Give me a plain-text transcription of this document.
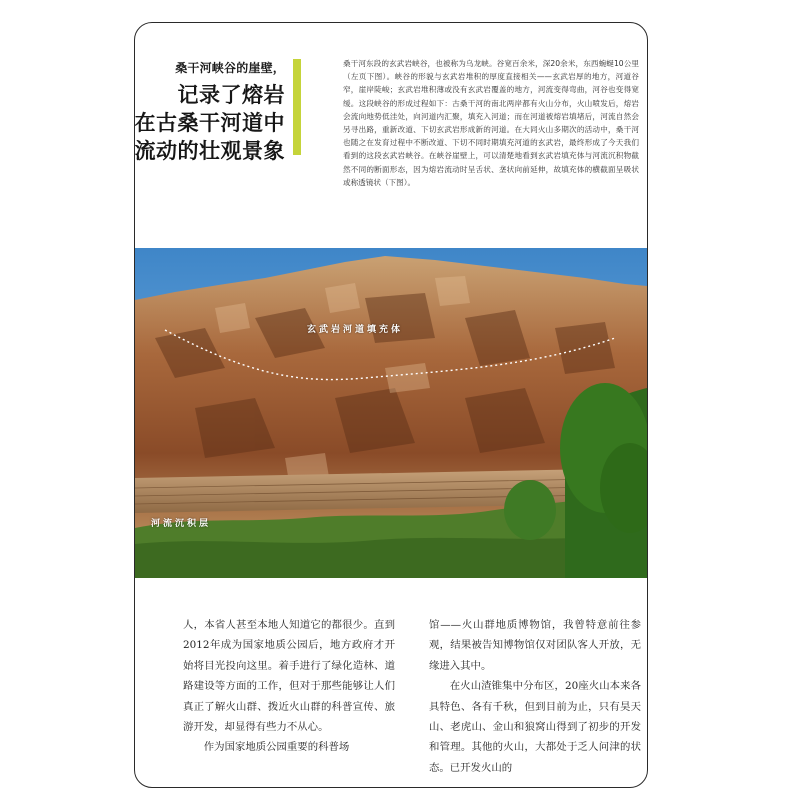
桑干河峡谷的崖壁，
记录了熔岩
在古桑干河道中
流动的壮观景象
桑干河东段的玄武岩峡谷，也被称为乌龙峡。谷宽百余米，深20余米，东西蜿蜒10公里（左页下图）。峡谷的形貌与玄武岩堆积的厚度直接相关——玄武岩厚的地方，河道谷窄，崖岸陡峻；玄武岩堆积薄或没有玄武岩覆盖的地方，河流变得弯曲，河谷也变得宽缓。这段峡谷的形成过程如下：古桑干河的南北两岸都有火山分布，火山喷发后，熔岩会流向地势低洼处，向河道内汇聚，填充入河道；而在河道被熔岩填堵后，河流自然会另寻出路，重新改道、下切玄武岩形成新的河道。在大同火山多期次的活动中，桑干河也随之在发育过程中不断改道、下切不同时期填充河道的玄武岩，最终形成了今天我们看到的这段玄武岩峡谷。在峡谷崖壁上，可以清楚地看到玄武岩填充体与河流沉积物截然不同的断面形态，因为熔岩流动时呈舌状、垄状向前延伸，故填充体的横截面呈吸状或称透镜状（下图）。
玄武岩河道填充体
河流沉积层

人，本省人甚至本地人知道它的都很少。直到2012年成为国家地质公园后，地方政府才开始将目光投向这里。着手进行了绿化造林、道路建设等方面的工作，但对于那些能够让人们真正了解火山群、拨近火山群的科普宣传、旅游开发，却显得有些力不从心。

作为国家地质公园重要的科普场

馆——火山群地质博物馆，我曾特意前往参观，结果被告知博物馆仅对团队客人开放，无缘进入其中。

在火山渣锥集中分布区，20座火山本来各具特色、各有千秋，但到目前为止，只有昊天山、老虎山、金山和狼窝山得到了初步的开发和管理。其他的火山，大都处于乏人问津的状态。已开发火山的
